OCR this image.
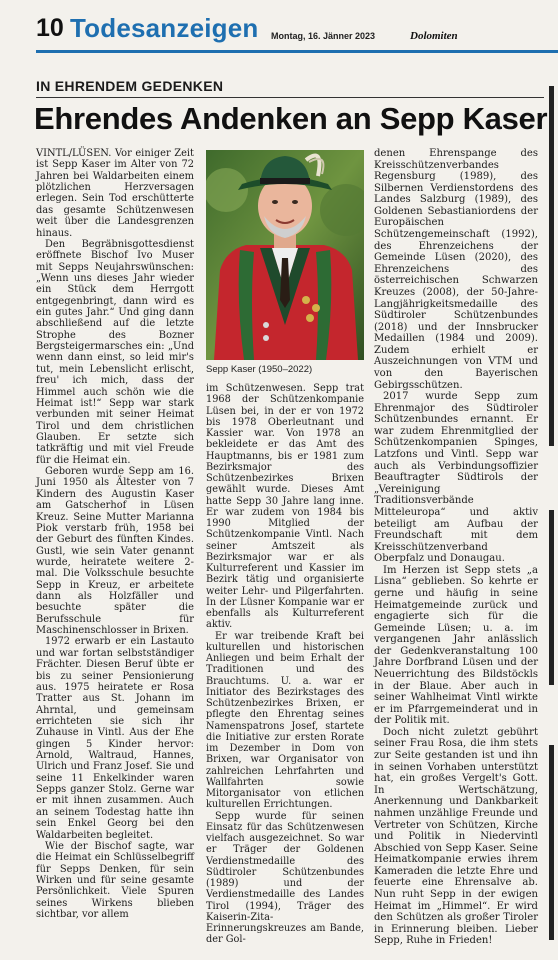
10 Todesanzeigen Montag, 16. Jänner 2023	Dolomiten
IN EHRENDEM GEDENKEN
Ehrendes Andenken an Sepp Kaser

VINTL/LÜSEN. Vor einiger Zeit ist Sepp Kaser im Alter von 72 Jahren bei Waldarbeiten einem plötzlichen Herzversagen erlegen. Sein Tod erschütterte das gesamte Schützenwesen weit über die Landesgrenzen hinaus.

Den Begräbnisgottesdienst eröffnete Bischof Ivo Muser mit Sepps Neujahrswünschen: „Wenn uns dieses Jahr wieder ein Stück dem Herrgott entgegenbringt, dann wird es ein gutes Jahr.“ Und ging dann abschließend auf die letzte Strophe des Bozner Bergsteigermarsches ein: „Und wenn dann einst, so leid mir's tut, mein Lebenslicht erlischt, freu' ich mich, dass der Himmel auch schön wie die Heimat ist!“ Sepp war stark verbunden mit seiner Heimat Tirol und dem christlichen Glauben. Er setzte sich tatkräftig und mit viel Freude für die Heimat ein.

Geboren wurde Sepp am 16. Juni 1950 als Ältester von 7 Kindern des Augustin Kaser am Gatscherhof in Lüsen Kreuz. Seine Mutter Marianna Piok verstarb früh, 1958 bei der Geburt des fünften Kindes. Gustl, wie sein Vater genannt wurde, heiratete weitere 2-mal. Die Volksschule besuchte Sepp in Kreuz, er arbeitete dann als Holzfäller und besuchte später die Berufsschule für Maschinenschlosser in Brixen.

1972 erwarb er ein Lastauto und war fortan selbstständiger Frächter. Diesen Beruf übte er bis zu seiner Pensionierung aus. 1975 heiratete er Rosa Tratter aus St. Johann im Ahrntal, und gemeinsam errichteten sie sich ihr Zuhause in Vintl. Aus der Ehe gingen 5 Kinder hervor: Arnold, Waltraud, Hannes, Ulrich und Franz Josef. Sie und seine 11 Enkelkinder waren Sepps ganzer Stolz. Gerne war er mit ihnen zusammen. Auch an seinem Todestag hatte ihn sein Enkel Georg bei den Waldarbeiten begleitet.

Wie der Bischof sagte, war die Heimat ein Schlüsselbegriff für Sepps Denken, für sein Wirken und für seine gesamte Persönlichkeit. Viele Spuren seines Wirkens blieben sichtbar, vor allem

Sepp Kaser (1950–2022)

im Schützenwesen. Sepp trat 1968 der Schützenkompanie Lüsen bei, in der er von 1972 bis 1978 Oberleutnant und Kassier war. Von 1978 an bekleidete er das Amt des Hauptmanns, bis er 1981 zum Bezirksmajor des Schützenbezirkes Brixen gewählt wurde. Dieses Amt hatte Sepp 30 Jahre lang inne. Er war zudem von 1984 bis 1990 Mitglied der Schützenkompanie Vintl. Nach seiner Amtszeit als Bezirksmajor war er als Kulturreferent und Kassier im Bezirk tätig und organisierte weiter Lehr- und Pilgerfahrten. In der Lüsner Kompanie war er ebenfalls als Kulturreferent aktiv.

Er war treibende Kraft bei kulturellen und historischen Anliegen und beim Erhalt der Traditionen und des Brauchtums. U. a. war er Initiator des Bezirkstages des Schützenbezirkes Brixen, er pflegte den Ehrentag seines Namenspatrons Josef, startete die Initiative zur ersten Rorate im Dezember in Dom von Brixen, war Organisator von zahlreichen Lehrfahrten und Wallfahrten sowie Mitorganisator von etlichen kulturellen Errichtungen.

Sepp wurde für seinen Einsatz für das Schützenwesen vielfach ausgezeichnet. So war er Träger der Goldenen Verdienstmedaille des Südtiroler Schützenbundes (1989) und der Verdienstmedaille des Landes Tirol (1994), Träger des Kaiserin-Zita-Erinnerungskreuzes am Bande, der Gol-

denen Ehrenspange des Kreisschützenverbandes Regensburg (1989), des Silbernen Verdienstordens des Landes Salzburg (1989), des Goldenen Sebastianiordens der Europäischen Schützengemeinschaft (1992), des Ehrenzeichens der Gemeinde Lüsen (2020), des Ehrenzeichens des österreichischen Schwarzen Kreuzes (2008), der 50-Jahre-Langjährigkeitsmedaille des Südtiroler Schützenbundes (2018) und der Innsbrucker Medaillen (1984 und 2009). Zudem erhielt er Auszeichnungen von VTM und von den Bayerischen Gebirgsschützen.

2017 wurde Sepp zum Ehrenmajor des Südtiroler Schützenbundes ernannt. Er war zudem Ehrenmitglied der Schützenkompanien Spinges, Latzfons und Vintl. Sepp war auch als Verbindungsoffizier Beauftragter Südtirols der „Vereinigung Traditionsverbände Mitteleuropa“ und aktiv beteiligt am Aufbau der Freundschaft mit dem Kreisschützenverband Oberpfalz und Donaugau.

Im Herzen ist Sepp stets „a Lisna“ geblieben. So kehrte er gerne und häufig in seine Heimatgemeinde zurück und engagierte sich für die Gemeinde Lüsen; u. a. im vergangenen Jahr anlässlich der Gedenkveranstaltung 100 Jahre Dorfbrand Lüsen und der Neuerrichtung des Bildstöckls in der Blaue. Aber auch in seiner Wahlheimat Vintl wirkte er im Pfarrgemeinderat und in der Politik mit.

Doch nicht zuletzt gebührt seiner Frau Rosa, die ihm stets zur Seite gestanden ist und ihn in seinen Vorhaben unterstützt hat, ein großes Vergelt's Gott. In Wertschätzung, Anerkennung und Dankbarkeit nahmen unzählige Freunde und Vertreter von Schützen, Kirche und Politik in Niedervintl Abschied von Sepp Kaser. Seine Heimatkompanie erwies ihrem Kameraden die letzte Ehre und feuerte eine Ehrensalve ab. Nun ruht Sepp in der ewigen Heimat im „Himmel“. Er wird den Schützen als großer Tiroler in Erinnerung bleiben. Lieber Sepp, Ruhe in Frieden!
